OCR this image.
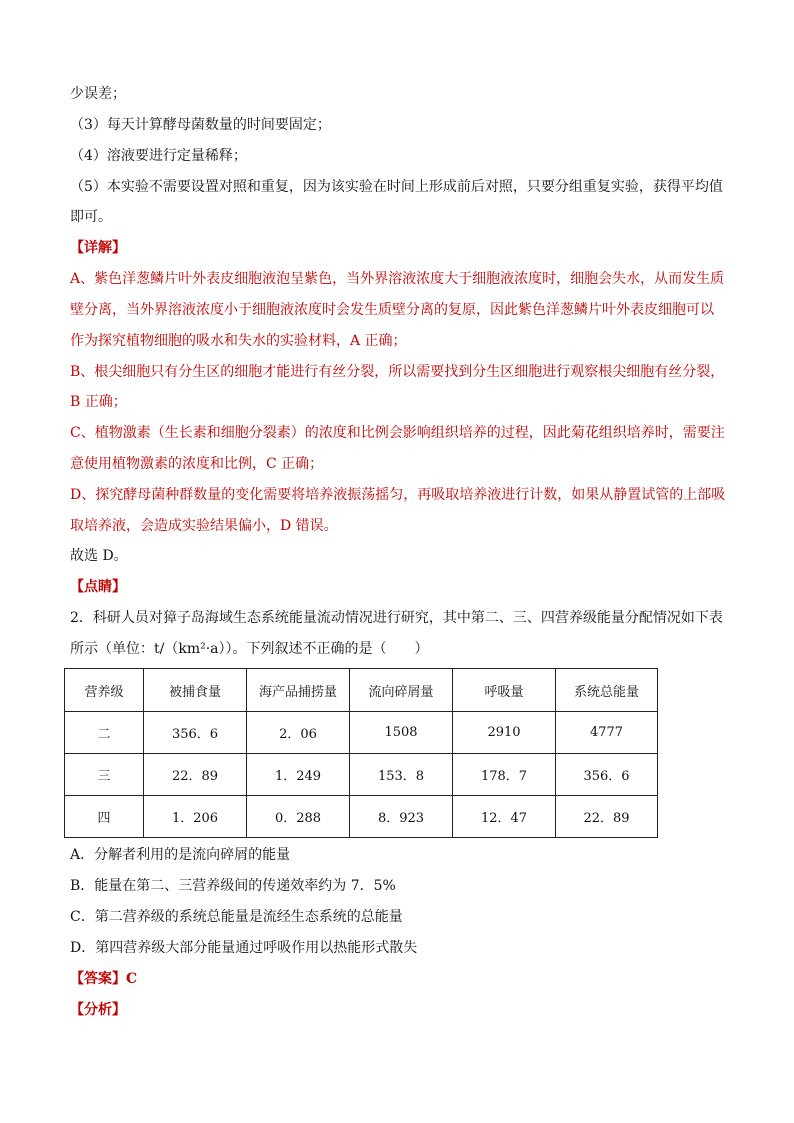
少误差；
（3）每天计算酵母菌数量的时间要固定；
（4）溶液要进行定量稀释；
（5）本实验不需要设置对照和重复，因为该实验在时间上形成前后对照，只要分组重复实验，获得平均值
即可。
【详解】
A、紫色洋葱鳞片叶外表皮细胞液泡呈紫色，当外界溶液浓度大于细胞液浓度时，细胞会失水，从而发生质
壁分离，当外界溶液浓度小于细胞液浓度时会发生质壁分离的复原，因此紫色洋葱鳞片叶外表皮细胞可以
作为探究植物细胞的吸水和失水的实验材料，A 正确；
B、根尖细胞只有分生区的细胞才能进行有丝分裂，所以需要找到分生区细胞进行观察根尖细胞有丝分裂，
B 正确；
C、植物激素（生长素和细胞分裂素）的浓度和比例会影响组织培养的过程，因此菊花组织培养时，需要注
意使用植物激素的浓度和比例，C 正确；
D、探究酵母菌种群数量的变化需要将培养液振荡摇匀，再吸取培养液进行计数，如果从静置试管的上部吸
取培养液，会造成实验结果偏小，D 错误。
故选 D。
【点睛】
2．科研人员对獐子岛海域生态系统能量流动情况进行研究，其中第二、三、四营养级能量分配情况如下表
所示（单位：t/（km²·a））。下列叙述不正确的是（　　）
营养级	被捕食量	海产品捕捞量	流向碎屑量	呼吸量	系统总能量
二	356．6	2．06	1508	2910	4777
三	22．89	1．249	153．8	178．7	356．6
四	1．206	0．288	8．923	12．47	22．89
A．分解者利用的是流向碎屑的能量
B．能量在第二、三营养级间的传递效率约为 7．5%
C．第二营养级的系统总能量是流经生态系统的总能量
D．第四营养级大部分能量通过呼吸作用以热能形式散失
【答案】C
【分析】
